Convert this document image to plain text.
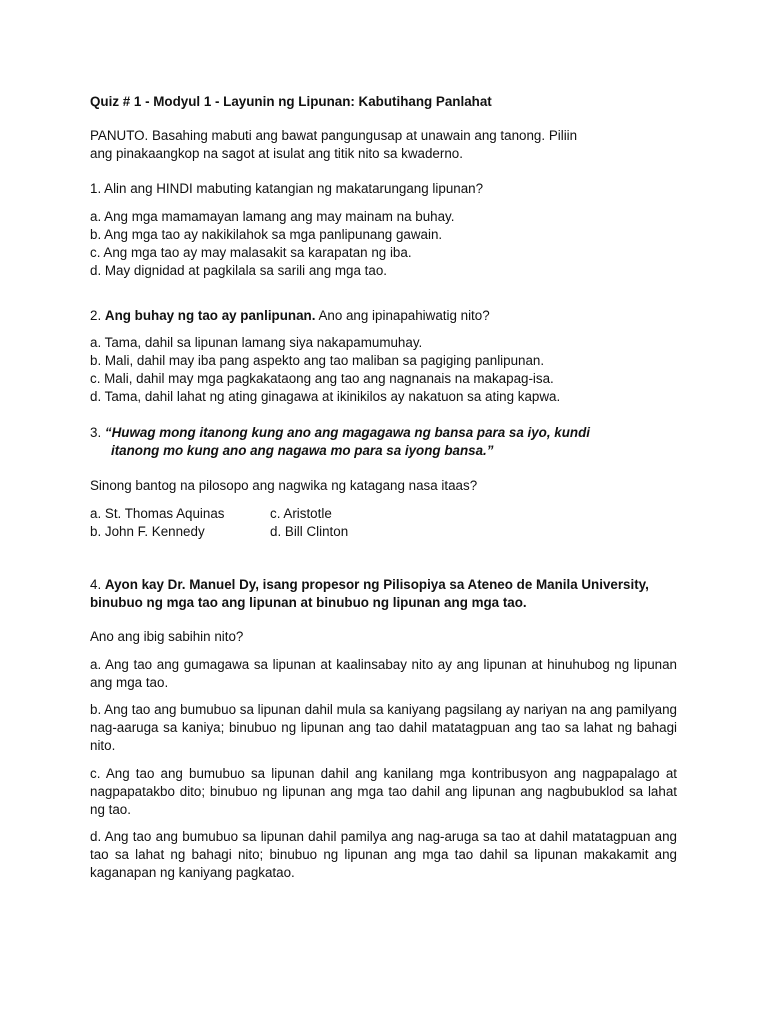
Quiz # 1 - Modyul 1 - Layunin ng Lipunan: Kabutihang Panlahat
PANUTO. Basahing mabuti ang bawat pangungusap at unawain ang tanong. Piliin
ang pinakaangkop na sagot at isulat ang titik nito sa kwaderno.
1. Alin ang HINDI mabuting katangian ng makatarungang lipunan?
a. Ang mga mamamayan lamang ang may mainam na buhay.
b. Ang mga tao ay nakikilahok sa mga panlipunang gawain.
c. Ang mga tao ay may malasakit sa karapatan ng iba.
d. May dignidad at pagkilala sa sarili ang mga tao.
2. Ang buhay ng tao ay panlipunan. Ano ang ipinapahiwatig nito?
a. Tama, dahil sa lipunan lamang siya nakapamumuhay.
b. Mali, dahil may iba pang aspekto ang tao maliban sa pagiging panlipunan.
c. Mali, dahil may mga pagkakataong ang tao ang nagnanais na makapag-isa.
d. Tama, dahil lahat ng ating ginagawa at ikinikilos ay nakatuon sa ating kapwa.
3. “Huwag mong itanong kung ano ang magagawa ng bansa para sa iyo, kundi
itanong mo kung ano ang nagawa mo para sa iyong bansa.”
Sinong bantog na pilosopo ang nagwika ng katagang nasa itaas?
a. St. Thomas Aquinas	c. Aristotle
b. John F. Kennedy	d. Bill Clinton
4. Ayon kay Dr. Manuel Dy, isang propesor ng Pilisopiya sa Ateneo de Manila University,
binubuo ng mga tao ang lipunan at binubuo ng lipunan ang mga tao.
Ano ang ibig sabihin nito?
a. Ang tao ang gumagawa sa lipunan at kaalinsabay nito ay ang lipunan at hinuhubog ng lipunan ang mga tao.
b. Ang tao ang bumubuo sa lipunan dahil mula sa kaniyang pagsilang ay nariyan na ang pamilyang nag-aaruga sa kaniya; binubuo ng lipunan ang tao dahil matatagpuan ang tao sa lahat ng bahagi nito.
c. Ang tao ang bumubuo sa lipunan dahil ang kanilang mga kontribusyon ang nagpapalago at nagpapatakbo dito; binubuo ng lipunan ang mga tao dahil ang lipunan ang nagbubuklod sa lahat ng tao.
d. Ang tao ang bumubuo sa lipunan dahil pamilya ang nag-aruga sa tao at dahil matatagpuan ang tao sa lahat ng bahagi nito; binubuo ng lipunan ang mga tao dahil sa lipunan makakamit ang kaganapan ng kaniyang pagkatao.
